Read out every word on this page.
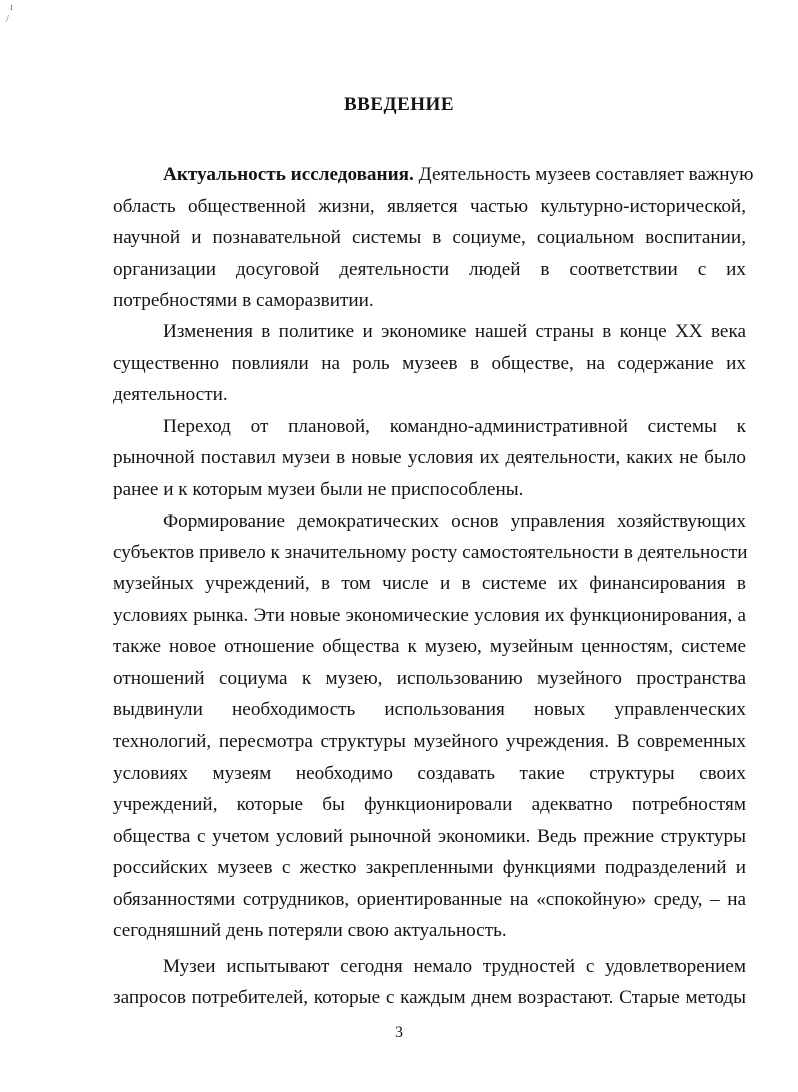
ı
/
ВВЕДЕНИЕ
Актуальность исследования. Деятельность музеев составляет важную
область общественной жизни, является частью культурно-исторической,
научной и познавательной системы в социуме, социальном воспитании,
организации досуговой деятельности людей в соответствии с их
потребностями в саморазвитии.
Изменения в политике и экономике нашей страны в конце XX века
существенно повлияли на роль музеев в обществе, на содержание их
деятельности.
Переход от плановой, командно-административной системы к
рыночной поставил музеи в новые условия их деятельности, каких не было
ранее и к которым музеи были не приспособлены.
Формирование демократических основ управления хозяйствующих
субъектов привело к значительному росту самостоятельности в деятельности
музейных учреждений, в том числе и в системе их финансирования в
условиях рынка. Эти новые экономические условия их функционирования, а
также новое отношение общества к музею, музейным ценностям, системе
отношений социума к музею, использованию музейного пространства
выдвинули необходимость использования новых управленческих
технологий, пересмотра структуры музейного учреждения. В современных
условиях музеям необходимо создавать такие структуры своих
учреждений, которые бы функционировали адекватно потребностям
общества с учетом условий рыночной экономики. Ведь прежние структуры
российских музеев с жестко закрепленными функциями подразделений и
обязанностями сотрудников, ориентированные на «спокойную» среду, – на
сегодняшний день потеряли свою актуальность.
Музеи испытывают сегодня немало трудностей с удовлетворением
запросов потребителей, которые с каждым днем возрастают. Старые методы
3
